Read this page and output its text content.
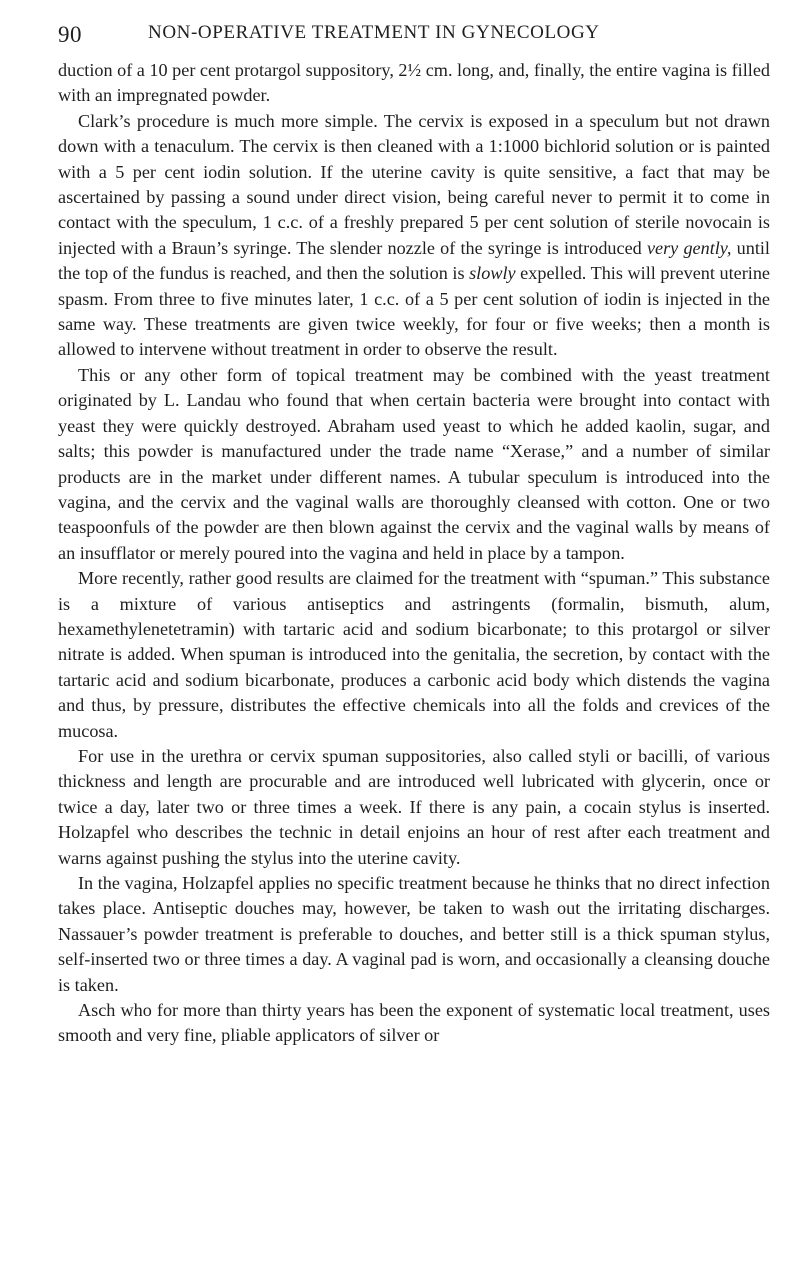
90	NON-OPERATIVE TREATMENT IN GYNECOLOGY

duction of a 10 per cent protargol suppository, 2½ cm. long, and, finally, the entire vagina is filled with an impregnated powder.

Clark’s procedure is much more simple. The cervix is exposed in a speculum but not drawn down with a tenaculum. The cervix is then cleaned with a 1:1000 bichlorid solution or is painted with a 5 per cent iodin solution. If the uterine cavity is quite sensitive, a fact that may be ascertained by passing a sound under direct vision, being careful never to permit it to come in contact with the speculum, 1 c.c. of a freshly prepared 5 per cent solution of sterile novocain is injected with a Braun’s syringe. The slender nozzle of the syringe is introduced very gently, until the top of the fundus is reached, and then the solution is slowly expelled. This will prevent uterine spasm. From three to five minutes later, 1 c.c. of a 5 per cent solution of iodin is injected in the same way. These treatments are given twice weekly, for four or five weeks; then a month is allowed to intervene without treatment in order to observe the result.

This or any other form of topical treatment may be combined with the yeast treatment originated by L. Landau who found that when certain bacteria were brought into contact with yeast they were quickly destroyed. Abraham used yeast to which he added kaolin, sugar, and salts; this powder is manufactured under the trade name “Xerase,” and a number of similar products are in the market under different names. A tubular speculum is introduced into the vagina, and the cervix and the vaginal walls are thoroughly cleansed with cotton. One or two teaspoonfuls of the powder are then blown against the cervix and the vaginal walls by means of an insufflator or merely poured into the vagina and held in place by a tampon.

More recently, rather good results are claimed for the treatment with “spuman.” This substance is a mixture of various antiseptics and astringents (formalin, bismuth, alum, hexamethylenetetramin) with tartaric acid and sodium bicarbonate; to this protargol or silver nitrate is added. When spuman is introduced into the genitalia, the secretion, by contact with the tartaric acid and sodium bicarbonate, produces a carbonic acid body which distends the vagina and thus, by pressure, distributes the effective chemicals into all the folds and crevices of the mucosa.

For use in the urethra or cervix spuman suppositories, also called styli or bacilli, of various thickness and length are procurable and are introduced well lubricated with glycerin, once or twice a day, later two or three times a week. If there is any pain, a cocain stylus is inserted. Holzapfel who describes the technic in detail enjoins an hour of rest after each treatment and warns against pushing the stylus into the uterine cavity.

In the vagina, Holzapfel applies no specific treatment because he thinks that no direct infection takes place. Antiseptic douches may, however, be taken to wash out the irritating discharges. Nassauer’s powder treatment is preferable to douches, and better still is a thick spuman stylus, self-inserted two or three times a day. A vaginal pad is worn, and occasionally a cleansing douche is taken.

Asch who for more than thirty years has been the exponent of systematic local treatment, uses smooth and very fine, pliable applicators of silver or
